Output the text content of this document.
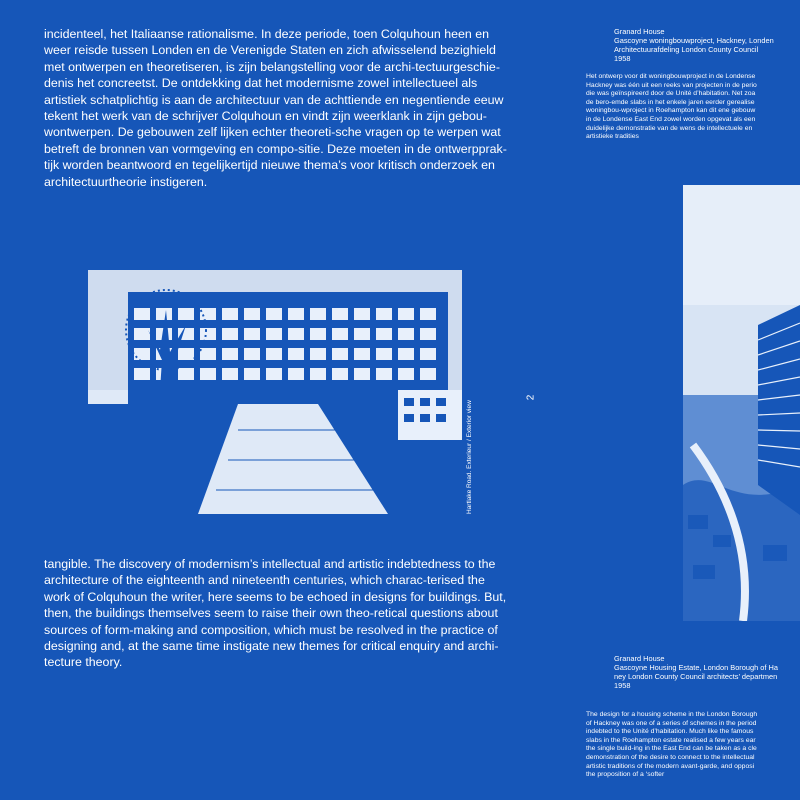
incidenteel, het Italiaanse rationalisme. In deze periode, toen Colquhoun heen en
weer reisde tussen Londen en de Verenigde Staten en zich afwisselend bezighield
met ontwerpen en theoretiseren, is zijn belangstelling voor de archi-tectuurgeschie-
denis het concreetst. De ontdekking dat het modernisme zowel intellectueel als
artistiek schatplichtig is aan de architectuur van de achttiende en negentiende eeuw
tekent het werk van de schrijver Colquhoun en vindt zijn weerklank in zijn gebou-
wontwerpen. De gebouwen zelf lijken echter theoreti-sche vragen op te werpen wat
betreft de bronnen van vormgeving en compo-sitie. Deze moeten in de ontwerpprak-
tijk worden beantwoord en tegelijkertijd nieuwe thema’s voor kritisch onderzoek en
architectuurtheorie instigeren.
Hartlake Road. Exterieur / Exterior view
2
tangible. The discovery of modernism’s intellectual and artistic indebtedness to the
architecture of the eighteenth and nineteenth centuries, which charac-terised the
work of Colquhoun the writer, here seems to be echoed in designs for buildings. But,
then, the buildings themselves seem to raise their own theo-retical questions about
sources of form-making and composition, which must be resolved in the practice of
designing and, at the same time instigate new themes for critical enquiry and archi-
tecture theory.
Granard House
Gascoyne woningbouwproject, Hackney, Londen
Architectuurafdeling London County Council
1958
Het ontwerp voor dit woningbouwproject in de Londense
Hackney was één uit een reeks van projecten in de perio
die was geïnspireerd door de Unité d’habitation. Net zoa
de bero-emde slabs in het enkele jaren eerder gerealise
woningbou-wproject in Roehampton kan dit ene gebouw
in de Londense East End zowel worden opgevat als een
duidelijke demonstratie van de wens de intellectuele en
artistieke tradities
Granard House
Gascoyne Housing Estate, London Borough of Ha
ney London County Council architects’ departmen
1958
The design for a housing scheme in the London Borough
of Hackney was one of a series of schemes in the period
indebted to the Unité d’habitation. Much like the famous
slabs in the Roehampton estate realised a few years ear
the single build-ing in the East End can be taken as a cle
demonstration of the desire to connect to the intellectual
artistic traditions of the modern avant-garde, and opposi
the proposition of a ‘softer
